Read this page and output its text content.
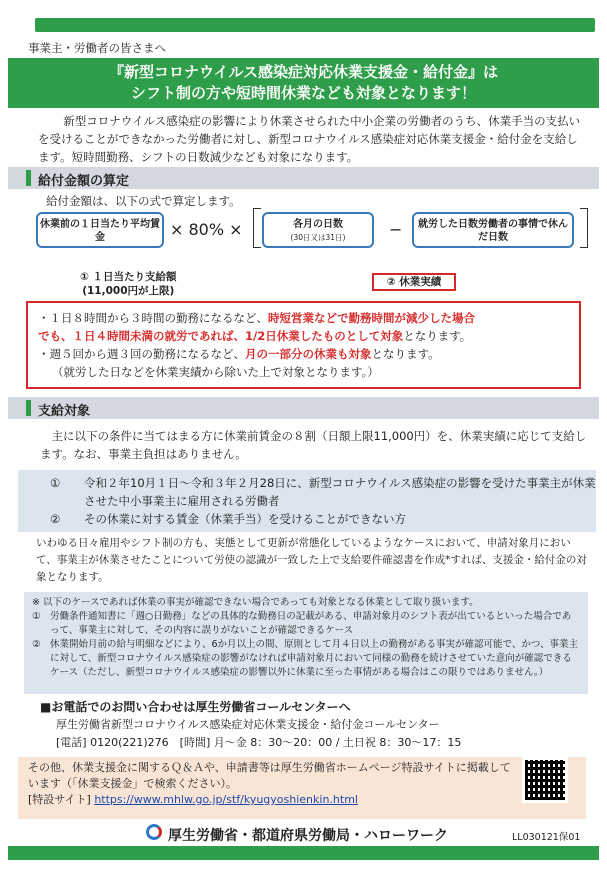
事業主・労働者の皆さまへ
『新型コロナウイルス感染症対応休業支援金・給付金』は
シフト制の方や短時間休業なども対象となります！
新型コロナウイルス感染症の影響により休業させられた中小企業の労働者のうち、休業手当の支払いを受けることができなかった労働者に対し、新型コロナウイルス感染症対応休業支援金・給付金を支給します。短時間勤務、シフトの日数減少なども対象になります。
給付金額の算定
給付金額は、以下の式で算定します。
休業前の１日当たり平均賃金	× 80% ×	各月の日数
(30日又は31日)	−	就労した日数労働者の事情で休んだ日数
① １日当たり支給額
(11,000円が上限)
② 休業実績
・１日８時間から３時間の勤務になるなど、時短営業などで勤務時間が減少した場合
でも、１日４時間未満の就労であれば、1/2日休業したものとして対象となります。
・週５回から週３回の勤務になるなど、月の一部分の休業も対象となります。
（就労した日などを休業実績から除いた上で対象となります。）
支給対象
主に以下の条件に当てはまる方に休業前賃金の８割（日額上限11,000円）を、休業実績に応じて支給します。なお、事業主負担はありません。
① 令和２年10月１日〜令和３年２月28日に、新型コロナウイルス感染症の影響を受けた事業主が休業させた中小事業主に雇用される労働者
② その休業に対する賃金（休業手当）を受けることができない方
いわゆる日々雇用やシフト制の方も、実態として更新が常態化しているようなケースにおいて、申請対象月において、事業主が休業させたことについて労使の認識が一致した上で支給要件確認書を作成*すれば、支援金・給付金の対象となります。
※ 以下のケースであれば休業の事実が確認できない場合であっても対象となる休業として取り扱います。
① 労働条件通知書に「週○日勤務」などの具体的な勤務日の記載がある、申請対象月のシフト表が出ているといった場合であって、事業主に対して、その内容に誤りがないことが確認できるケース
② 休業開始月前の給与明細などにより、6か月以上の間、原則として月４日以上の勤務がある事実が確認可能で、かつ、事業主に対して、新型コロナウイルス感染症の影響がなければ申請対象月において同様の勤務を続けさせていた意向が確認できるケース（ただし、新型コロナウイルス感染症の影響以外に休業に至った事情がある場合はこの限りではありません。）
■お電話でのお問い合わせは厚生労働省コールセンターへ
厚生労働省新型コロナウイルス感染症対応休業支援金・給付金コールセンター
[電話] 0120(221)276　[時間] 月〜金 8：30〜20：00 / 土日祝 8：30〜17：15
その他、休業支援金に関するＱ＆Ａや、申請書等は厚生労働省ホームページ特設サイトに掲載しています（「休業支援金」で検索ください）。
[特設サイト] https://www.mhlw.go.jp/stf/kyugyoshienkin.html
厚生労働省・都道府県労働局・ハローワーク	LL030121保01
